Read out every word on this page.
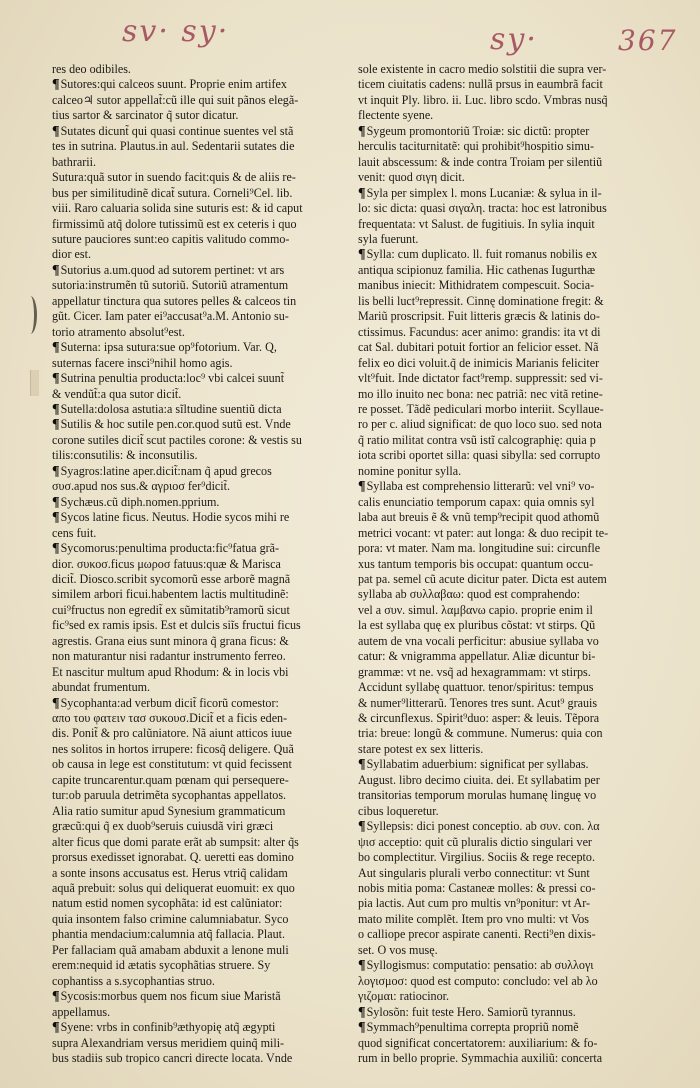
sv· sy·	sy·	367

res deo odibiles.

¶Sutores:qui calceos suunt. Proprie enim artifex
calceo♃ sutor appellat̃:cũ ille qui suit pãnos elegã-
tius sartor & sarcinator q̃ sutor dicatur.

¶Sutates dicunt̃ qui quasi continue suentes vel stã
tes in sutrina. Plautus.in aul. Sedentarii sutates die
bathrarii.

Sutura:quã sutor in suendo facit:quis & de aliis re-
bus per similitudinẽ dicat̃ sutura. Corneli⁹Cel. lib.
viii. Raro caluaria solida sine suturis est: & id caput
firmissimũ atq̃ dolore tutissimũ est ex ceteris i quo
suture pauciores sunt:eo capitis valitudo commo-
dior est.

¶Sutorius a.um.quod ad sutorem pertinet: vt ars
sutoria:instrumẽn tũ sutoriũ. Sutoriũ atramentum
appellatur tinctura qua sutores pelles & calceos tin
gũt. Cicer. Iam pater ei⁹accusat⁹a.M. Antonio su-
torio atramento absolut⁹est.

¶Suterna: ipsa sutura:sue op⁹fotorium. Var. Q,
suternas facere insci⁹nihil homo agis.

¶Sutrina penultia producta:loc⁹ vbi calcei suunt̃
& vendũt̃:a qua sutor dicit̃.

¶Sutella:dolosa astutia:a sĩltudine suentiũ dicta

¶Sutilis & hoc sutile pen.cor.quod sutũ est. Vnde
corone sutiles dicit̃ scut pactiles corone: & vestis su
tilis:consutilis: & inconsutilis.

¶Syagros:latine aper.dicit̃:nam q̃ apud grecos
συσ.apud nos sus.& αγριοσ fer⁹dicit̃.

¶Sychæus.cũ diph.nomen.pprium.

¶Sycos latine ficus. Neutus. Hodie sycos mihi re
cens fuit.

¶Sycomorus:penultima producta:fic⁹fatua grã-
dior. συκοσ.ficus μωροσ fatuus:quæ & Marisca
dicit̃. Diosco.scribit sycomorũ esse arborẽ magnã
similem arbori ficui.habentem lactis multitudinẽ:
cui⁹fructus non egredit̃ ex sũmitatib⁹ramorũ sicut
fic⁹sed ex ramis ipsis. Est et dulcis siĩs fructui ficus
agrestis. Grana eius sunt minora q̃ grana ficus: &
non maturantur nisi radantur instrumento ferreo.
Et nascitur multum apud Rhodum: & in locis vbi
abundat frumentum.

¶Sycophanta:ad verbum dicit̃ ficorũ comestor:
απο του φατειν τασ συκουσ.Dicit̃ et a ficis eden-
dis. Ponit̃ & pro calũniatore. Nã aiunt atticos iuue
nes solitos in hortos irrupere: ficosq̃ deligere. Quã
ob causa in lege est constitutum: vt quid fecissent
capite truncarentur.quam pœnam qui persequere-
tur:ob paruula detrimẽta sycophantas appellatos.
Alia ratio sumitur apud Synesium grammaticum
græcũ:qui q̃ ex duob⁹seruis cuiusdã viri græci
alter ficus que domi parate erãt ab sumpsit: alter q̃s
prorsus exedisset ignorabat. Q. ueretti eas domino
a sonte insons accusatus est. Herus vtriq̃ calidam
aquã prebuit: solus qui deliquerat euomuit: ex quo
natum estid nomen sycophãta: id est calũniator:
quia insontem falso crimine calumniabatur. Syco
phantia mendacium:calumnia atq̃ fallacia. Plaut.
Per fallaciam quã amabam abduxit a lenone muli
erem:nequid id ætatis sycophãtias struere. Sy
cophantiss a s.sycophantias struo.

¶Sycosis:morbus quem nos ficum siue Maristã
appellamus.

¶Syene: vrbs in confinib⁹æthyopię atq̃ ægypti
supra Alexandriam versus meridiem quinq̃ mili-
bus stadiis sub tropico cancri directe locata. Vnde

sole existente in cacro medio solstitii die supra ver-
ticem ciuitatis cadens: nullã prsus in eaumbrã facit
vt inquit Ply. libro. ii. Luc. libro scdo. Vmbras nusq̃
flectente syene.

¶Sygeum promontoriũ Troiæ: sic dictũ: propter
herculis taciturnitatẽ: qui prohibit⁹hospitio simu-
lauit abscessum: & inde contra Troiam per silentiũ
venit: quod σιγη dicit.

¶Syla per simplex l. mons Lucaniæ: & sylua in il-
lo: sic dicta: quasi σιγαλη. tracta: hoc est latronibus
frequentata: vt Salust. de fugitiuis. In sylia inquit
syla fuerunt.

¶Sylla: cum duplicato. ll. fuit romanus nobilis ex
antiqua scipionuz familia. Hic cathenas Iugurthæ
manibus iniecit: Mithidratem compescuit. Socia-
lis belli luct⁹repressit. Cinnę dominatione fregit: &
Mariũ proscripsit. Fuit litteris græcis & latinis do-
ctissimus. Facundus: acer animo: grandis: ita vt di
cat Sal. dubitari potuit fortior an felicior esset. Nã
felix eo dici voluit.q̃ de inimicis Marianis feliciter
vlt⁹fuit. Inde dictator fact⁹remp. suppressit: sed vi-
mo illo inuito nec bona: nec patriã: nec vitã retine-
re posset. Tãdẽ pediculari morbo interiit. Scyllaue-
ro per c. aliud significat: de quo loco suo. sed nota
q̃ ratio militat contra vsũ istĩ calcographię: quia p
iota scribi oportet silla: quasi sibylla: sed corrupto
nomine ponitur sylla.

¶Syllaba est comprehensio litterarũ: vel vni⁹ vo-
calis enunciatio temporum capax: quia omnis syl
laba aut breuis ẽ & vnũ temp⁹recipit quod athomũ
metrici vocant: vt pater: aut longa: & duo recipit te-
pora: vt mater. Nam ma. longitudine sui: circunfle
xus tantum temporis bis occupat: quantum occu-
pat pa. semel cũ acute dicitur pater. Dicta est autem
syllaba ab συλλαβαω: quod est comprahendo:
vel a συν. simul. λαμβανω capio. proprie enim il
la est syllaba quę ex pluribus cõstat: vt stirps. Qũ
autem de vna vocali perficitur: abusiue syllaba vo
catur: & vnigramma appellatur. Aliæ dicuntur bi-
grammæ: vt ne. vsq̃ ad hexagrammam: vt stirps.
Accidunt syllabę quattuor. tenor/spiritus: tempus
& numer⁹litterarũ. Tenores tres sunt. Acut⁹ grauis
& circunflexus. Spirit⁹duo: asper: & leuis. Tẽpora
tria: breue: longũ & commune. Numerus: quia con
stare potest ex sex litteris.

¶Syllabatim aduerbium: significat per syllabas.
August. libro decimo ciuita. dei. Et syllabatim per
transitorias temporum morulas humanę linguę vo
cibus loqueretur.

¶Syllepsis: dici ponest conceptio. ab συν. con. λα
ψισ acceptio: quit cũ pluralis dictio singulari ver
bo complectitur. Virgilius. Sociis & rege recepto.
Aut singularis plurali verbo connectitur: vt Sunt
nobis mitia poma: Castaneæ molles: & pressi co-
pia lactis. Aut cum pro multis vn⁹ponitur: vt Ar-
mato milite complẽt. Item pro vno multi: vt Vos
o calliope precor aspirate canenti. Recti⁹en dixis-
set. O vos musę.

¶Syllogismus: computatio: pensatio: ab συλλογι
λογισμοσ: quod est computo: concludo: vel ab λο
γιζομαι: ratiocinor.

¶Sylosõn: fuit teste Hero. Samiorũ tyrannus.

¶Symmach⁹penultima correpta propriũ nomẽ
quod significat concertatorem: auxiliarium: & fo-
rum in bello proprie. Symmachia auxiliũ: concerta
